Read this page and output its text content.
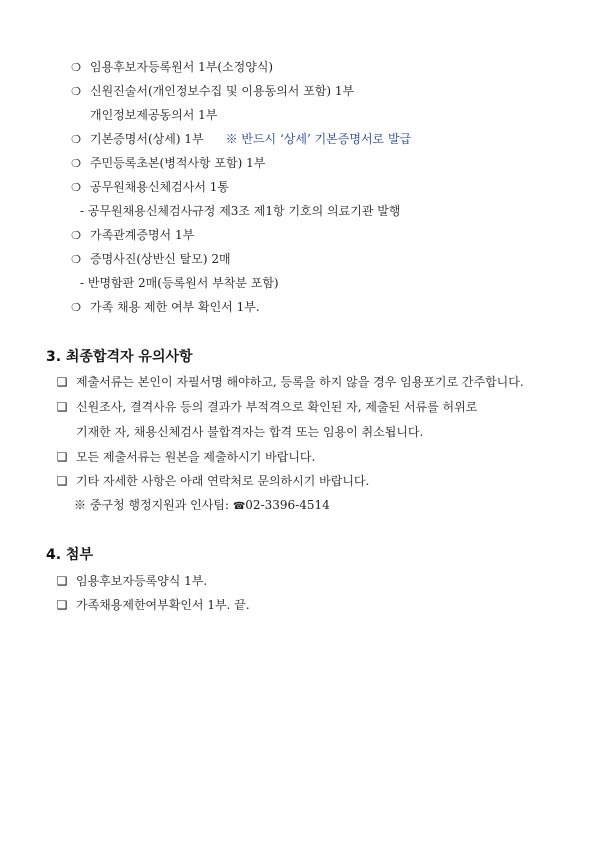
❍ 임용후보자등록원서 1부(소정양식)
❍ 신원진술서(개인정보수집 및 이용동의서 포함) 1부
개인정보제공동의서 1부
❍ 기본증명서(상세) 1부 ※ 반드시 ‘상세’ 기본증명서로 발급
❍ 주민등록초본(병적사항 포함) 1부
❍ 공무원채용신체검사서 1통
- 공무원채용신체검사규정 제3조 제1항 기호의 의료기관 발행
❍ 가족관계증명서 1부
❍ 증명사진(상반신 탈모) 2매
- 반명함판 2매(등록원서 부착분 포함)
❍ 가족 채용 제한 여부 확인서 1부.
3. 최종합격자 유의사항
❑ 제출서류는 본인이 자필서명 해야하고, 등록을 하지 않을 경우 임용포기로 간주합니다.
❑ 신원조사, 결격사유 등의 결과가 부적격으로 확인된 자, 제출된 서류를 허위로
기재한 자, 채용신체검사 불합격자는 합격 또는 임용이 취소됩니다.
❑ 모든 제출서류는 원본을 제출하시기 바랍니다.
❑ 기타 자세한 사항은 아래 연락처로 문의하시기 바랍니다.
※ 중구청 행정지원과 인사팀: ☎02-3396-4514
4. 첨부
❑ 임용후보자등록양식 1부.
❑ 가족채용제한여부확인서 1부. 끝.
